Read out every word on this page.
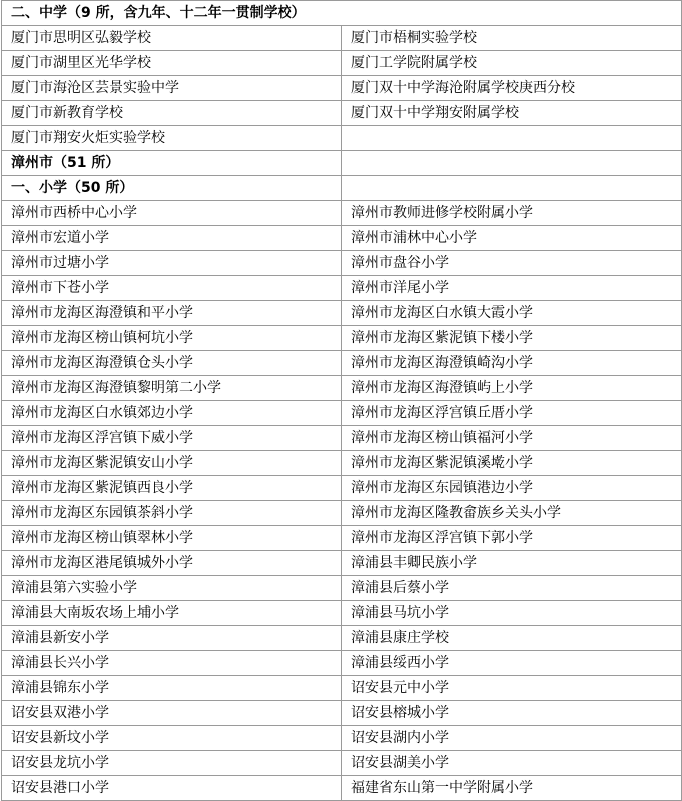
二、中学（9 所，含九年、十二年一贯制学校）	
厦门市思明区弘毅学校	厦门市梧桐实验学校
厦门市湖里区光华学校	厦门工学院附属学校
厦门市海沧区芸景实验中学	厦门双十中学海沧附属学校庚西分校
厦门市新教育学校	厦门双十中学翔安附属学校
厦门市翔安火炬实验学校	
漳州市（51 所）	
一、小学（50 所）	
漳州市西桥中心小学	漳州市教师进修学校附属小学
漳州市宏道小学	漳州市浦林中心小学
漳州市过塘小学	漳州市盘谷小学
漳州市下苍小学	漳州市洋尾小学
漳州市龙海区海澄镇和平小学	漳州市龙海区白水镇大霞小学
漳州市龙海区榜山镇柯坑小学	漳州市龙海区紫泥镇下楼小学
漳州市龙海区海澄镇仓头小学	漳州市龙海区海澄镇崎沟小学
漳州市龙海区海澄镇黎明第二小学	漳州市龙海区海澄镇屿上小学
漳州市龙海区白水镇郊边小学	漳州市龙海区浮宫镇丘厝小学
漳州市龙海区浮宫镇下威小学	漳州市龙海区榜山镇福河小学
漳州市龙海区紫泥镇安山小学	漳州市龙海区紫泥镇溪墘小学
漳州市龙海区紫泥镇西良小学	漳州市龙海区东园镇港边小学
漳州市龙海区东园镇茶斜小学	漳州市龙海区隆教畲族乡关头小学
漳州市龙海区榜山镇翠林小学	漳州市龙海区浮宫镇下郭小学
漳州市龙海区港尾镇城外小学	漳浦县丰卿民族小学
漳浦县第六实验小学	漳浦县后蔡小学
漳浦县大南坂农场上埔小学	漳浦县马坑小学
漳浦县新安小学	漳浦县康庄学校
漳浦县长兴小学	漳浦县绥西小学
漳浦县锦东小学	诏安县元中小学
诏安县双港小学	诏安县榕城小学
诏安县新坟小学	诏安县湖内小学
诏安县龙坑小学	诏安县湖美小学
诏安县港口小学	福建省东山第一中学附属小学
